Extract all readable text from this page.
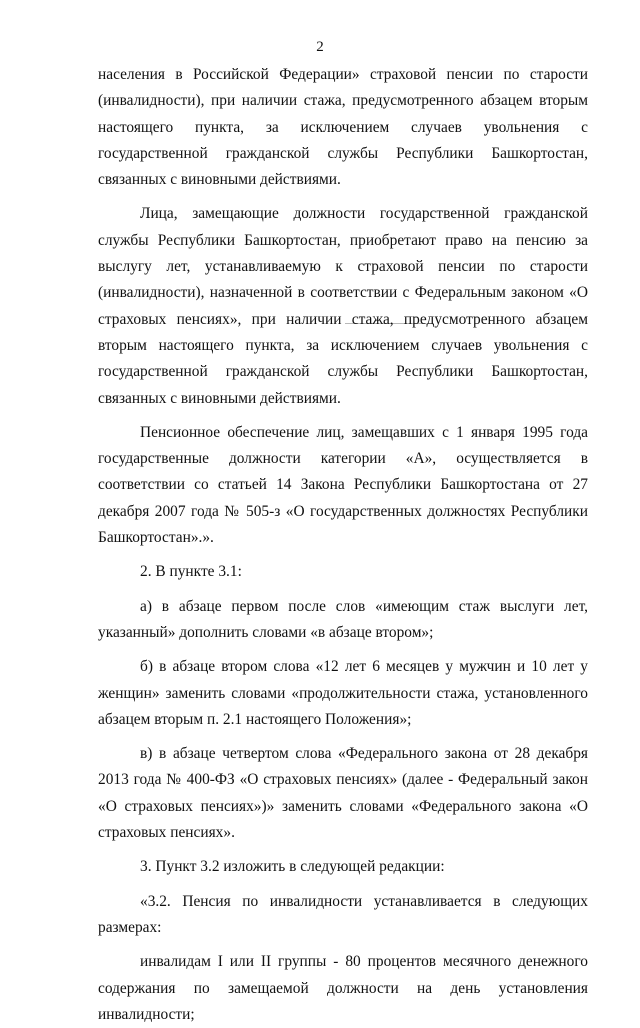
2

населения в Российской Федерации» страховой пенсии по старости (инвалидности), при наличии стажа, предусмотренного абзацем вторым настоящего пункта, за исключением случаев увольнения с государственной гражданской службы Республики Башкортостан, связанных с виновными действиями.

Лица, замещающие должности государственной гражданской службы Республики Башкортостан, приобретают право на пенсию за выслугу лет, устанавливаемую к страховой пенсии по старости (инвалидности), назначенной в соответствии с Федеральным законом «О страховых пенсиях», при наличии стажа, предусмотренного абзацем вторым настоящего пункта, за исключением случаев увольнения с государственной гражданской службы Республики Башкортостан, связанных с виновными действиями.

Пенсионное обеспечение лиц, замещавших с 1 января 1995 года государственные должности категории «А», осуществляется в соответствии со статьей 14 Закона Республики Башкортостана от 27 декабря 2007 года № 505-з «О государственных должностях Республики Башкортостан».».

2. В пункте 3.1:

а) в абзаце первом после слов «имеющим стаж выслуги лет, указанный» дополнить словами «в абзаце втором»;

б) в абзаце втором слова «12 лет 6 месяцев у мужчин и 10 лет у женщин» заменить словами «продолжительности стажа, установленного абзацем вторым п. 2.1 настоящего Положения»;

в) в абзаце четвертом слова «Федерального закона от 28 декабря 2013 года № 400-ФЗ «О страховых пенсиях» (далее - Федеральный закон «О страховых пенсиях»)» заменить словами «Федерального закона «О страховых пенсиях».

3. Пункт 3.2 изложить в следующей редакции:

«3.2. Пенсия по инвалидности устанавливается в следующих размерах:

инвалидам I или II группы - 80 процентов месячного денежного содержания по замещаемой должности на день установления инвалидности;
